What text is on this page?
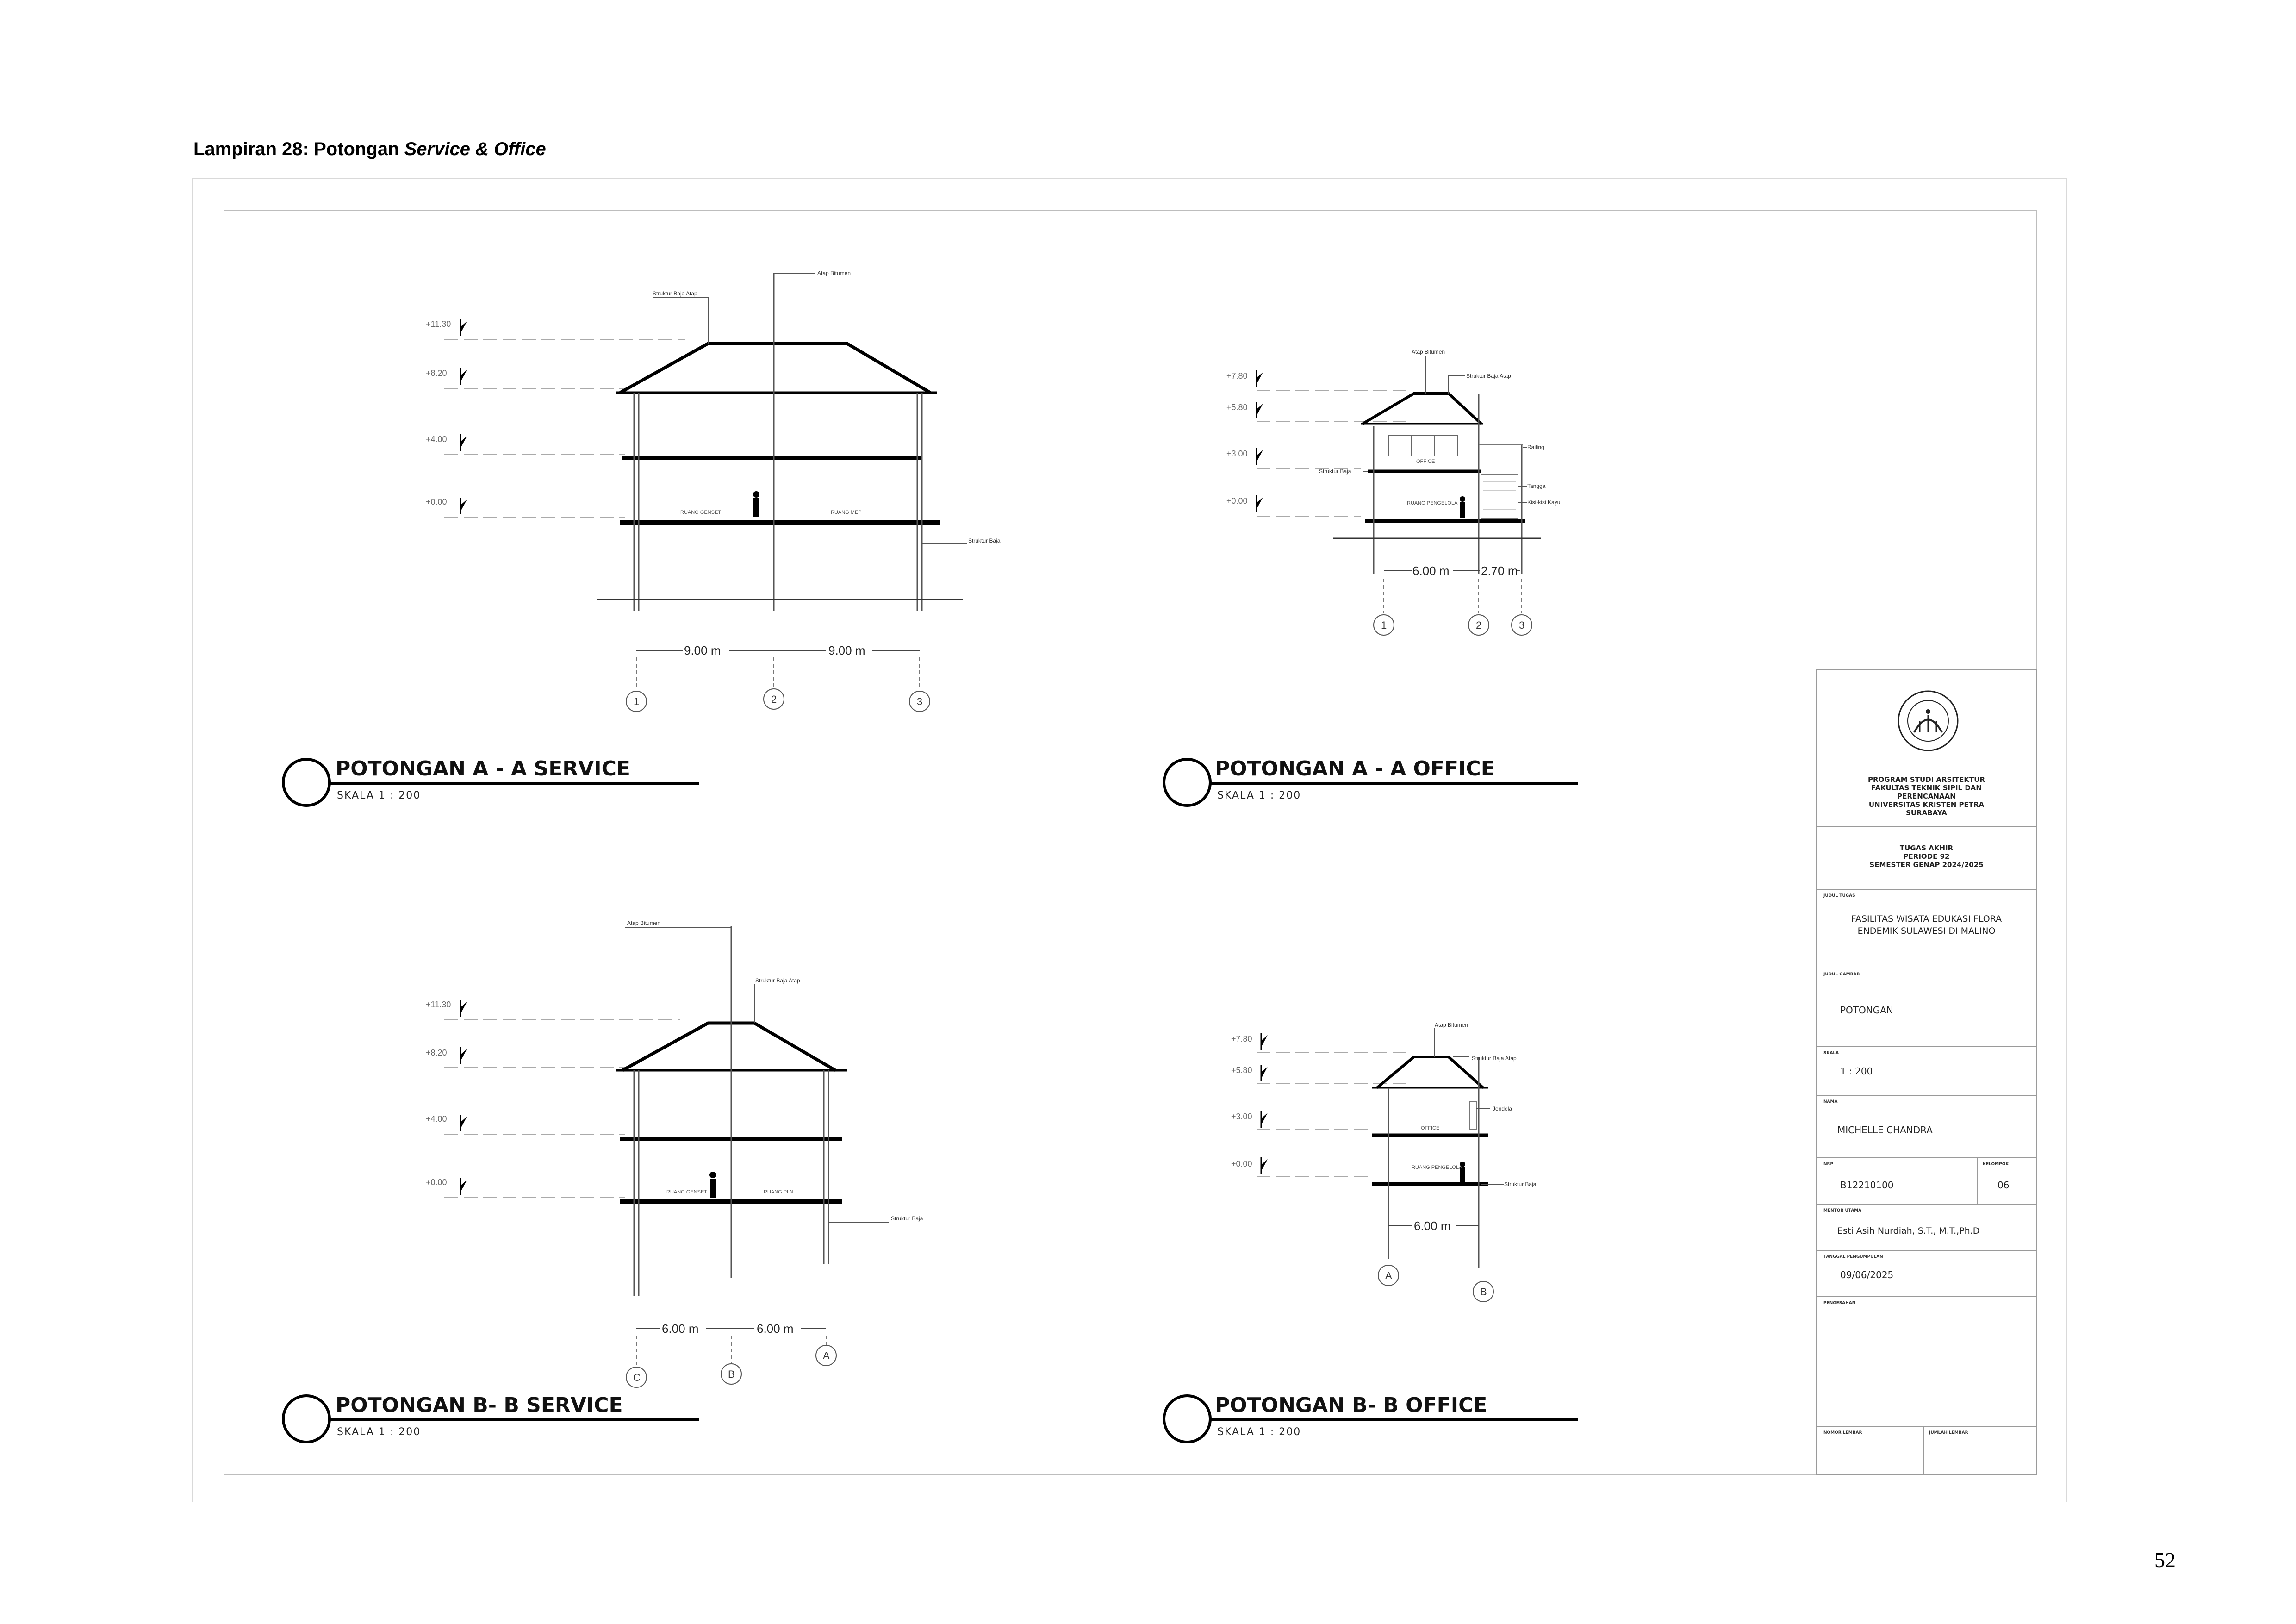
Lampiran 28: Potongan Service & Office
+11.30
+8.20
+4.00
+0.00
RUANG GENSET	RUANG MEP
Atap Bitumen
Struktur Baja Atap
Struktur Baja
9.00 m	9.00 m
1	2	3
POTONGAN A - A SERVICE
SKALA 1 : 200
+7.80
+5.80
+3.00
+0.00
OFFICE
RUANG PENGELOLA
Atap Bitumen
Struktur Baja Atap
Railing
Tangga
Kisi-kisi Kayu
Struktur Baja
6.00 m	2.70 m
1	2	3
POTONGAN A - A OFFICE
SKALA 1 : 200
+11.30
+8.20
+4.00
+0.00
RUANG GENSET	RUANG PLN
Atap Bitumen
Struktur Baja Atap
Struktur Baja
6.00 m	6.00 m
C	B
A
POTONGAN B- B SERVICE
SKALA 1 : 200
+7.80
+5.80
+3.00
+0.00
OFFICE
RUANG PENGELOLA
Atap Bitumen
Struktur Baja Atap
Jendela
Struktur Baja
6.00 m
A
B
POTONGAN B- B OFFICE
SKALA 1 : 200
PROGRAM STUDI ARSITEKTUR
FAKULTAS TEKNIK SIPIL DAN
PERENCANAAN
UNIVERSITAS KRISTEN PETRA
SURABAYA
TUGAS AKHIR
PERIODE 92
SEMESTER GENAP 2024/2025
JUDUL TUGAS
FASILITAS WISATA EDUKASI FLORA
ENDEMIK SULAWESI DI MALINO
JUDUL GAMBAR
POTONGAN
SKALA
1 : 200
NAMA
MICHELLE CHANDRA
NRP
B12210100
KELOMPOK
06
MENTOR UTAMA
Esti Asih Nurdiah, S.T., M.T.,Ph.D
TANGGAL PENGUMPULAN
09/06/2025
PENGESAHAN
NOMOR LEMBAR	JUMLAH LEMBAR
52
